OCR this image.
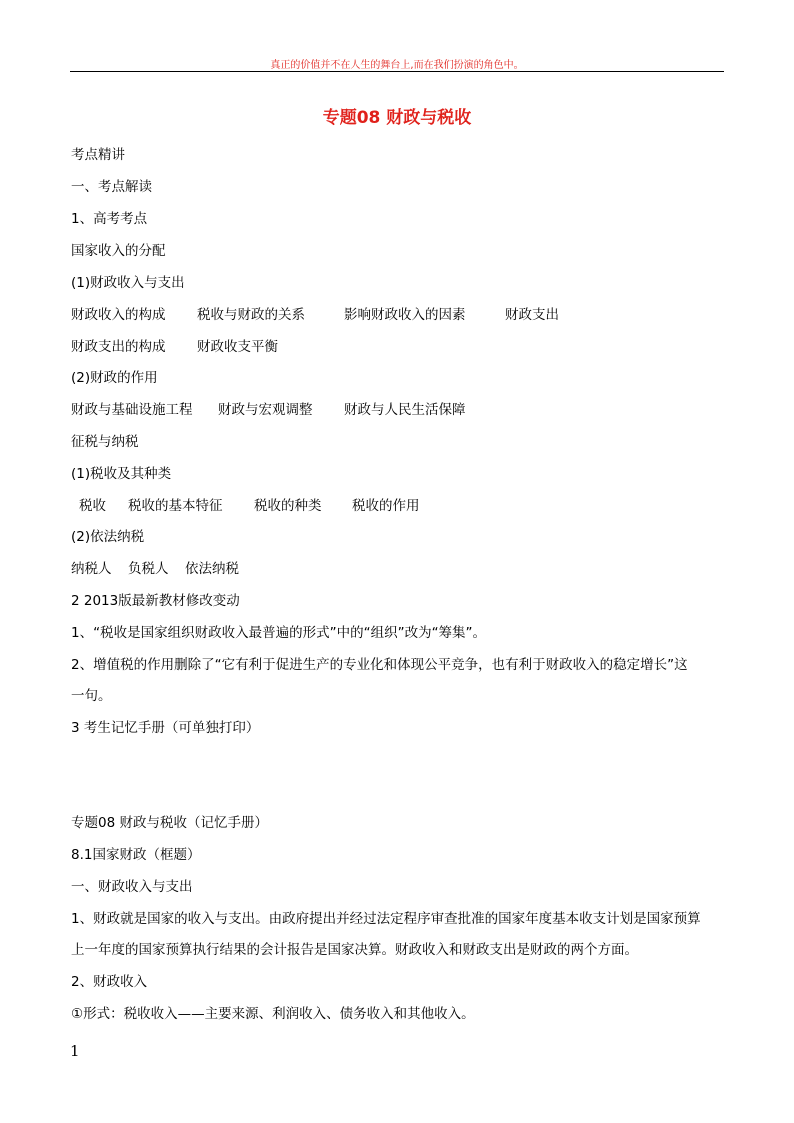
真正的价值并不在人生的舞台上,而在我们扮演的角色中。
专题08 财政与税收
考点精讲
一、考点解读
1、高考考点
国家收入的分配
(1)财政收入与支出
财政收入的构成 税收与财政的关系	影响财政收入的因素	财政支出
财政支出的构成 财政收支平衡
(2)财政的作用
财政与基础设施工程 财政与宏观调整 财政与人民生活保障
征税与纳税
(1)税收及其种类
税收 税收的基本特征 税收的种类 税收的作用
(2)依法纳税
纳税人 负税人 依法纳税
2 2013版最新教材修改变动
1、“税收是国家组织财政收入最普遍的形式”中的“组织”改为“筹集”。
2、增值税的作用删除了“它有利于促进生产的专业化和体现公平竞争，也有利于财政收入的稳定增长”这
一句。
3 考生记忆手册（可单独打印）
专题08 财政与税收（记忆手册）
8.1国家财政（框题）
一、财政收入与支出
1、财政就是国家的收入与支出。由政府提出并经过法定程序审查批准的国家年度基本收支计划是国家预算
上一年度的国家预算执行结果的会计报告是国家决算。财政收入和财政支出是财政的两个方面。
2、财政收入
①形式：税收收入——主要来源、利润收入、债务收入和其他收入。
1
